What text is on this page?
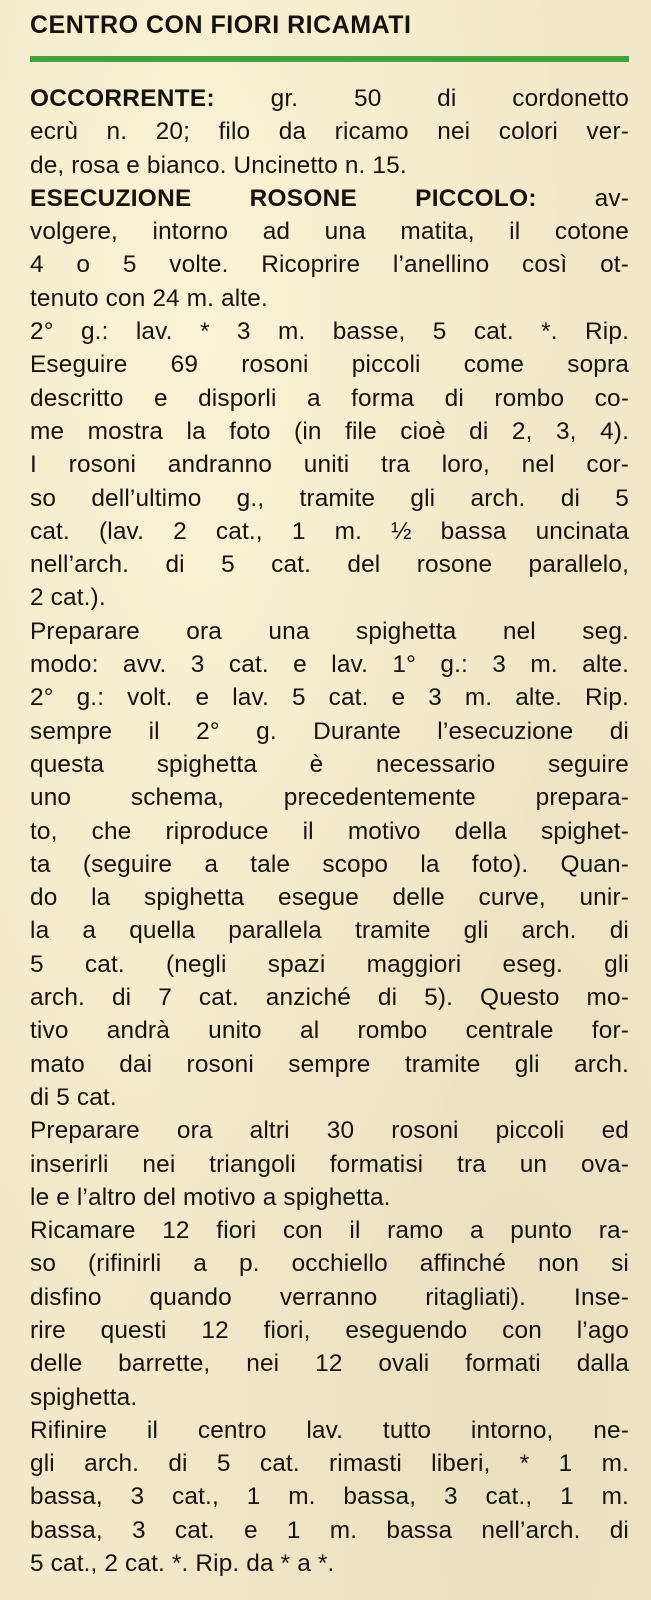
CENTRO CON FIORI RICAMATI
OCCORRENTE: gr. 50 di cordonetto
ecrù n. 20; filo da ricamo nei colori ver-
de, rosa e bianco. Uncinetto n. 15.
ESECUZIONE ROSONE PICCOLO: av-
volgere, intorno ad una matita, il cotone
4 o 5 volte. Ricoprire l’anellino così ot-
tenuto con 24 m. alte.
2° g.: lav. * 3 m. basse, 5 cat. *. Rip.
Eseguire 69 rosoni piccoli come sopra
descritto e disporli a forma di rombo co-
me mostra la foto (in file cioè di 2, 3, 4).
I rosoni andranno uniti tra loro, nel cor-
so dell’ultimo g., tramite gli arch. di 5
cat. (lav. 2 cat., 1 m. ½ bassa uncinata
nell’arch. di 5 cat. del rosone parallelo,
2 cat.).
Preparare ora una spighetta nel seg.
modo: avv. 3 cat. e lav. 1° g.: 3 m. alte.
2° g.: volt. e lav. 5 cat. e 3 m. alte. Rip.
sempre il 2° g. Durante l’esecuzione di
questa spighetta è necessario seguire
uno schema, precedentemente prepara-
to, che riproduce il motivo della spighet-
ta (seguire a tale scopo la foto). Quan-
do la spighetta esegue delle curve, unir-
la a quella parallela tramite gli arch. di
5 cat. (negli spazi maggiori eseg. gli
arch. di 7 cat. anziché di 5). Questo mo-
tivo andrà unito al rombo centrale for-
mato dai rosoni sempre tramite gli arch.
di 5 cat.
Preparare ora altri 30 rosoni piccoli ed
inserirli nei triangoli formatisi tra un ova-
le e l’altro del motivo a spighetta.
Ricamare 12 fiori con il ramo a punto ra-
so (rifinirli a p. occhiello affinché non si
disfino quando verranno ritagliati). Inse-
rire questi 12 fiori, eseguendo con l’ago
delle barrette, nei 12 ovali formati dalla
spighetta.
Rifinire il centro lav. tutto intorno, ne-
gli arch. di 5 cat. rimasti liberi, * 1 m.
bassa, 3 cat., 1 m. bassa, 3 cat., 1 m.
bassa, 3 cat. e 1 m. bassa nell’arch. di
5 cat., 2 cat. *. Rip. da * a *.
